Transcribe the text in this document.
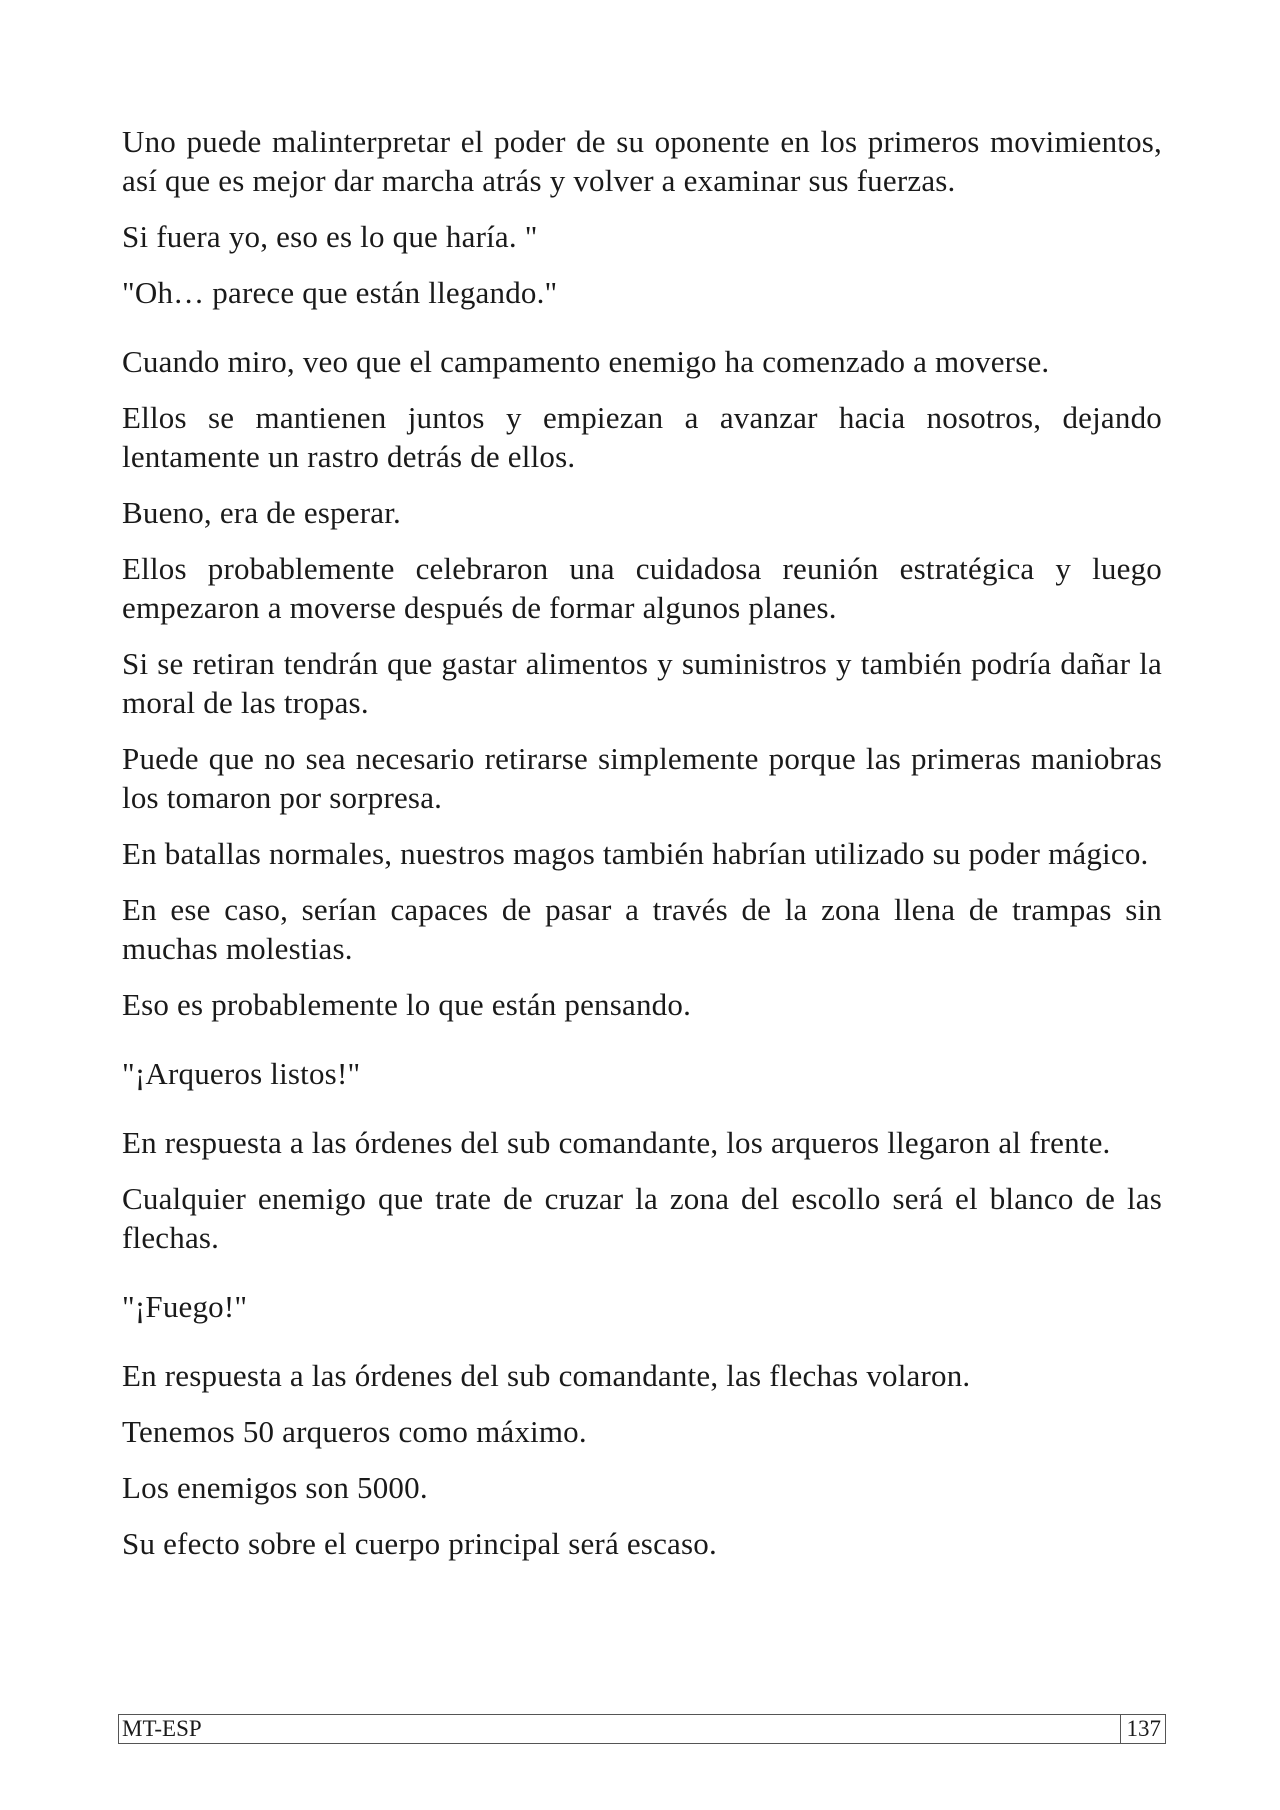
Uno puede malinterpretar el poder de su oponente en los primeros movimientos, así que es mejor dar marcha atrás y volver a examinar sus fuerzas.

Si fuera yo, eso es lo que haría. "

"Oh… parece que están llegando."

Cuando miro, veo que el campamento enemigo ha comenzado a moverse.

Ellos se mantienen juntos y empiezan a avanzar hacia nosotros, dejando lentamente un rastro detrás de ellos.

Bueno, era de esperar.

Ellos probablemente celebraron una cuidadosa reunión estratégica y luego empezaron a moverse después de formar algunos planes.

Si se retiran tendrán que gastar alimentos y suministros y también podría dañar la moral de las tropas.

Puede que no sea necesario retirarse simplemente porque las primeras maniobras los tomaron por sorpresa.

En batallas normales, nuestros magos también habrían utilizado su poder mágico.

En ese caso, serían capaces de pasar a través de la zona llena de trampas sin muchas molestias.

Eso es probablemente lo que están pensando.

"¡Arqueros listos!"

En respuesta a las órdenes del sub comandante, los arqueros llegaron al frente.

Cualquier enemigo que trate de cruzar la zona del escollo será el blanco de las flechas.

"¡Fuego!"

En respuesta a las órdenes del sub comandante, las flechas volaron.

Tenemos 50 arqueros como máximo.

Los enemigos son 5000.

Su efecto sobre el cuerpo principal será escaso.

MT-ESP	137
